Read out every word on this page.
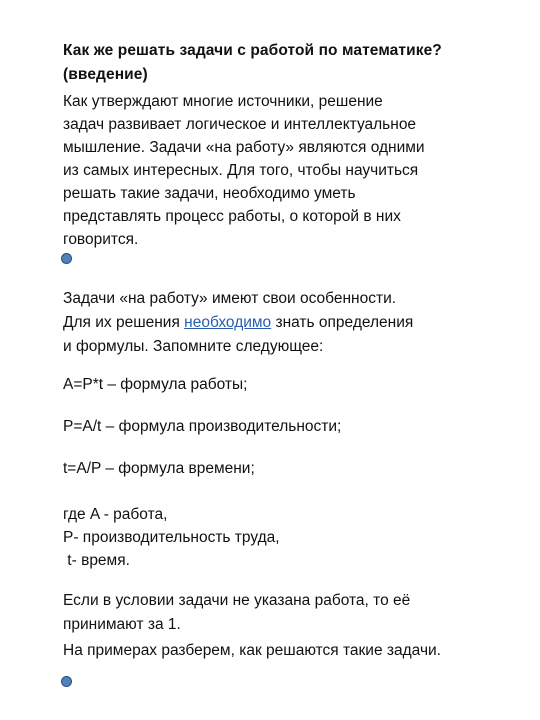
Как же решать задачи с работой по математике?
(введение)
Как утверждают многие источники, решение
задач развивает логическое и интеллектуальное
мышление. Задачи «на работу» являются одними
из самых интересных. Для того, чтобы научиться
решать такие задачи, необходимо уметь
представлять процесс работы, о которой в них
говорится.
Задачи «на работу» имеют свои особенности.
Для их решения необходимо знать определения
и формулы. Запомните следующее:
A=P*t – формула работы;
P=A/t – формула производительности;
t=A/P – формула времени;
где A - работа,
P- производительность труда,
t- время.
Если в условии задачи не указана работа, то её
принимают за 1.
На примерах разберем, как решаются такие задачи.
